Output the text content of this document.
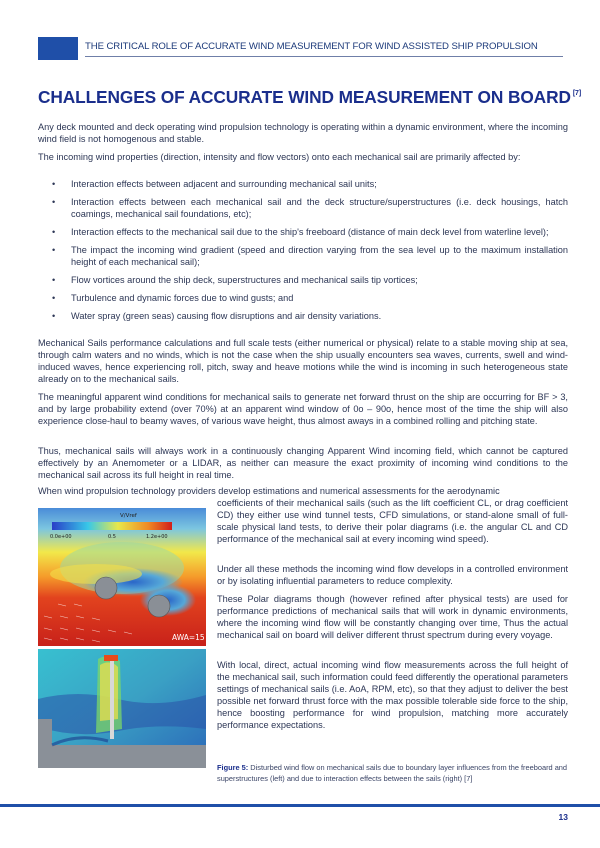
THE CRITICAL ROLE OF ACCURATE WIND MEASUREMENT FOR WIND ASSISTED SHIP PROPULSION
CHALLENGES OF ACCURATE WIND MEASUREMENT ON BOARD [7]

Any deck mounted and deck operating wind propulsion technology is operating within a dynamic environment, where the incoming wind field is not homogenous and stable.

The incoming wind properties (direction, intensity and flow vectors) onto each mechanical sail are primarily affected by:

• Interaction effects between adjacent and surrounding mechanical sail units;
• Interaction effects between each mechanical sail and the deck structure/superstructures (i.e. deck housings, hatch coamings, mechanical sail foundations, etc);
• Interaction effects to the mechanical sail due to the ship's freeboard (distance of main deck level from waterline level);
• The impact the incoming wind gradient (speed and direction varying from the sea level up to the maximum installation height of each mechanical sail);
• Flow vortices around the ship deck, superstructures and mechanical sails tip vortices;
• Turbulence and dynamic forces due to wind gusts; and
• Water spray (green seas) causing flow disruptions and air density variations.

Mechanical Sails performance calculations and full scale tests (either numerical or physical) relate to a stable moving ship at sea, through calm waters and no winds, which is not the case when the ship usually encounters sea waves, currents, swell and wind-induced waves, hence experiencing roll, pitch, sway and heave motions while the wind is incoming in such heterogeneous state already on to the mechanical sails.

The meaningful apparent wind conditions for mechanical sails to generate net forward thrust on the ship are occurring for BF > 3, and by large probability extend (over 70%) at an apparent wind window of 0o – 90o, hence most of the time the ship will also experience close-haul to beamy waves, of various wave height, thus almost aways in a combined rolling and pitching state.

Thus, mechanical sails will always work in a continuously changing Apparent Wind incoming field, which cannot be captured effectively by an Anemometer or a LIDAR, as neither can measure the exact proximity of incoming wind conditions to the mechanical sail across its full height in real time.

When wind propulsion technology providers develop estimations and numerical assessments for the aerodynamic

coefficients of their mechanical sails (such as the lift coefficient CL, or drag coefficient CD) they either use wind tunnel tests, CFD simulations, or stand-alone small of full-scale physical land tests, to derive their polar diagrams (i.e. the angular CL and CD performance of the mechanical sail at every incoming wind speed).

Under all these methods the incoming wind flow develops in a controlled environment or by isolating influential parameters to reduce complexity.

These Polar diagrams though (however refined after physical tests) are used for performance predictions of mechanical sails that will work in dynamic environments, where the incoming wind flow will be constantly changing over time, Thus the actual mechanical sail on board will deliver different thrust spectrum during every voyage.

With local, direct, actual incoming wind flow measurements across the full height of the mechanical sail, such information could feed differently the operational parameters settings of mechanical sails (i.e. AoA, RPM, etc), so that they adjust to deliver the best possible net forward thrust force with the max possible tolerable side force to the ship, hence boosting performance for wind propulsion, matching more accurately performance expectations.

V/Vref
0.0e+00	0.5	1.2e+00
AWA=15 d

Figure 5: Disturbed wind flow on mechanical sails due to boundary layer influences from the freeboard and superstructures (left) and due to interaction effects between the sails (right) [7]

13
